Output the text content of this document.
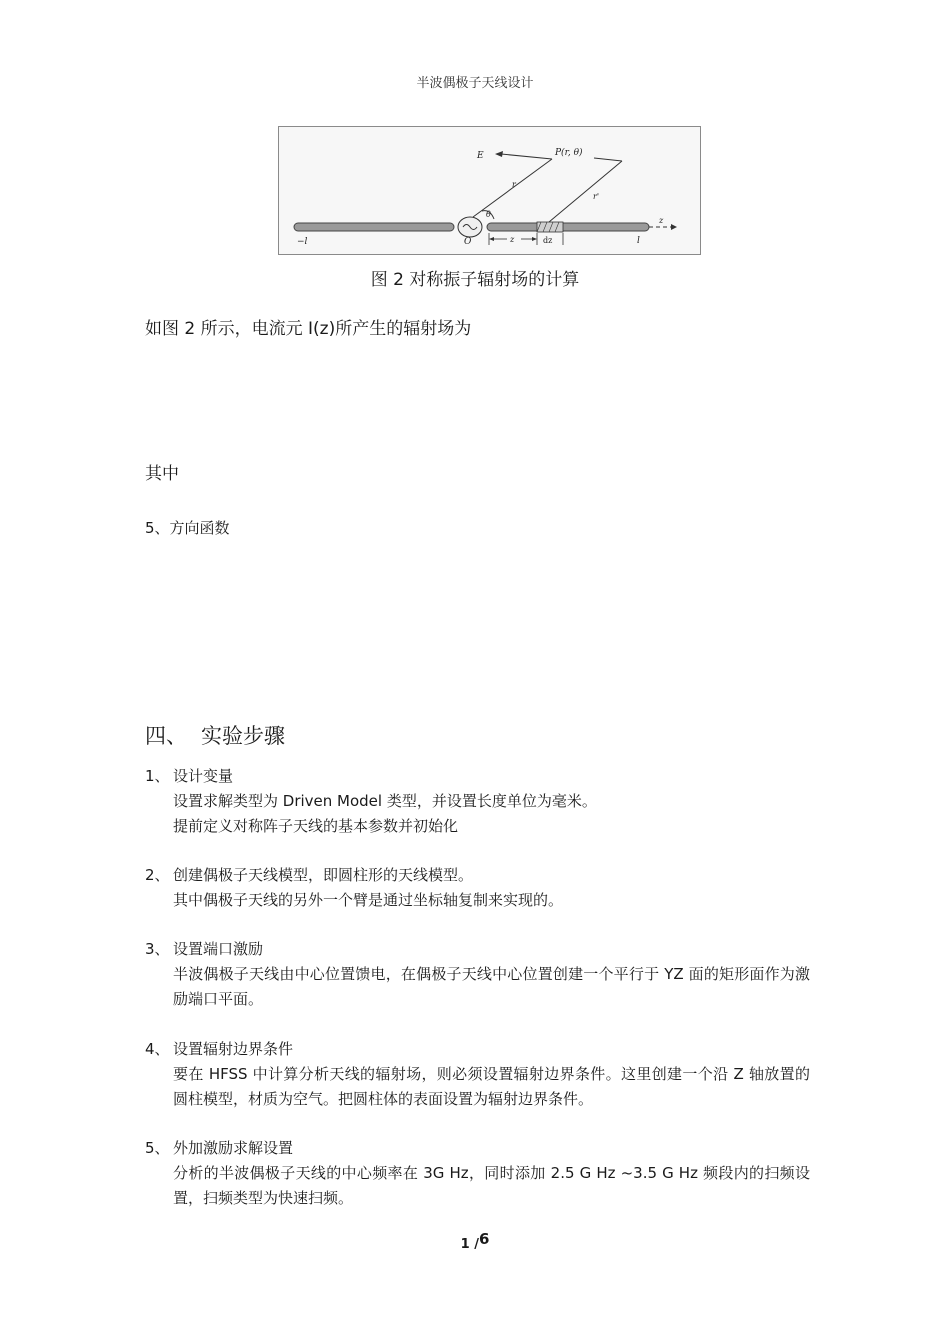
半波偶极子天线设计
E	P(r, θ)
r
r'
θ
O
−l	l
z
z	dz
图 2 对称振子辐射场的计算
如图 2 所示，电流元 I(z)所产生的辐射场为
其中
5、方向函数
四、 实验步骤
1、 设计变量
设置求解类型为 Driven Model 类型，并设置长度单位为毫米。
提前定义对称阵子天线的基本参数并初始化
2、 创建偶极子天线模型，即圆柱形的天线模型。
其中偶极子天线的另外一个臂是通过坐标轴复制来实现的。
3、 设置端口激励
半波偶极子天线由中心位置馈电，在偶极子天线中心位置创建一个平行于 YZ 面的矩形面作为激励端口平面。
4、 设置辐射边界条件
要在 HFSS 中计算分析天线的辐射场，则必须设置辐射边界条件。这里创建一个沿 Z 轴放置的圆柱模型，材质为空气。把圆柱体的表面设置为辐射边界条件。
5、 外加激励求解设置
分析的半波偶极子天线的中心频率在 3G Hz，同时添加 2.5 G Hz ~3.5 G Hz 频段内的扫频设置，扫频类型为快速扫频。
1 /6
